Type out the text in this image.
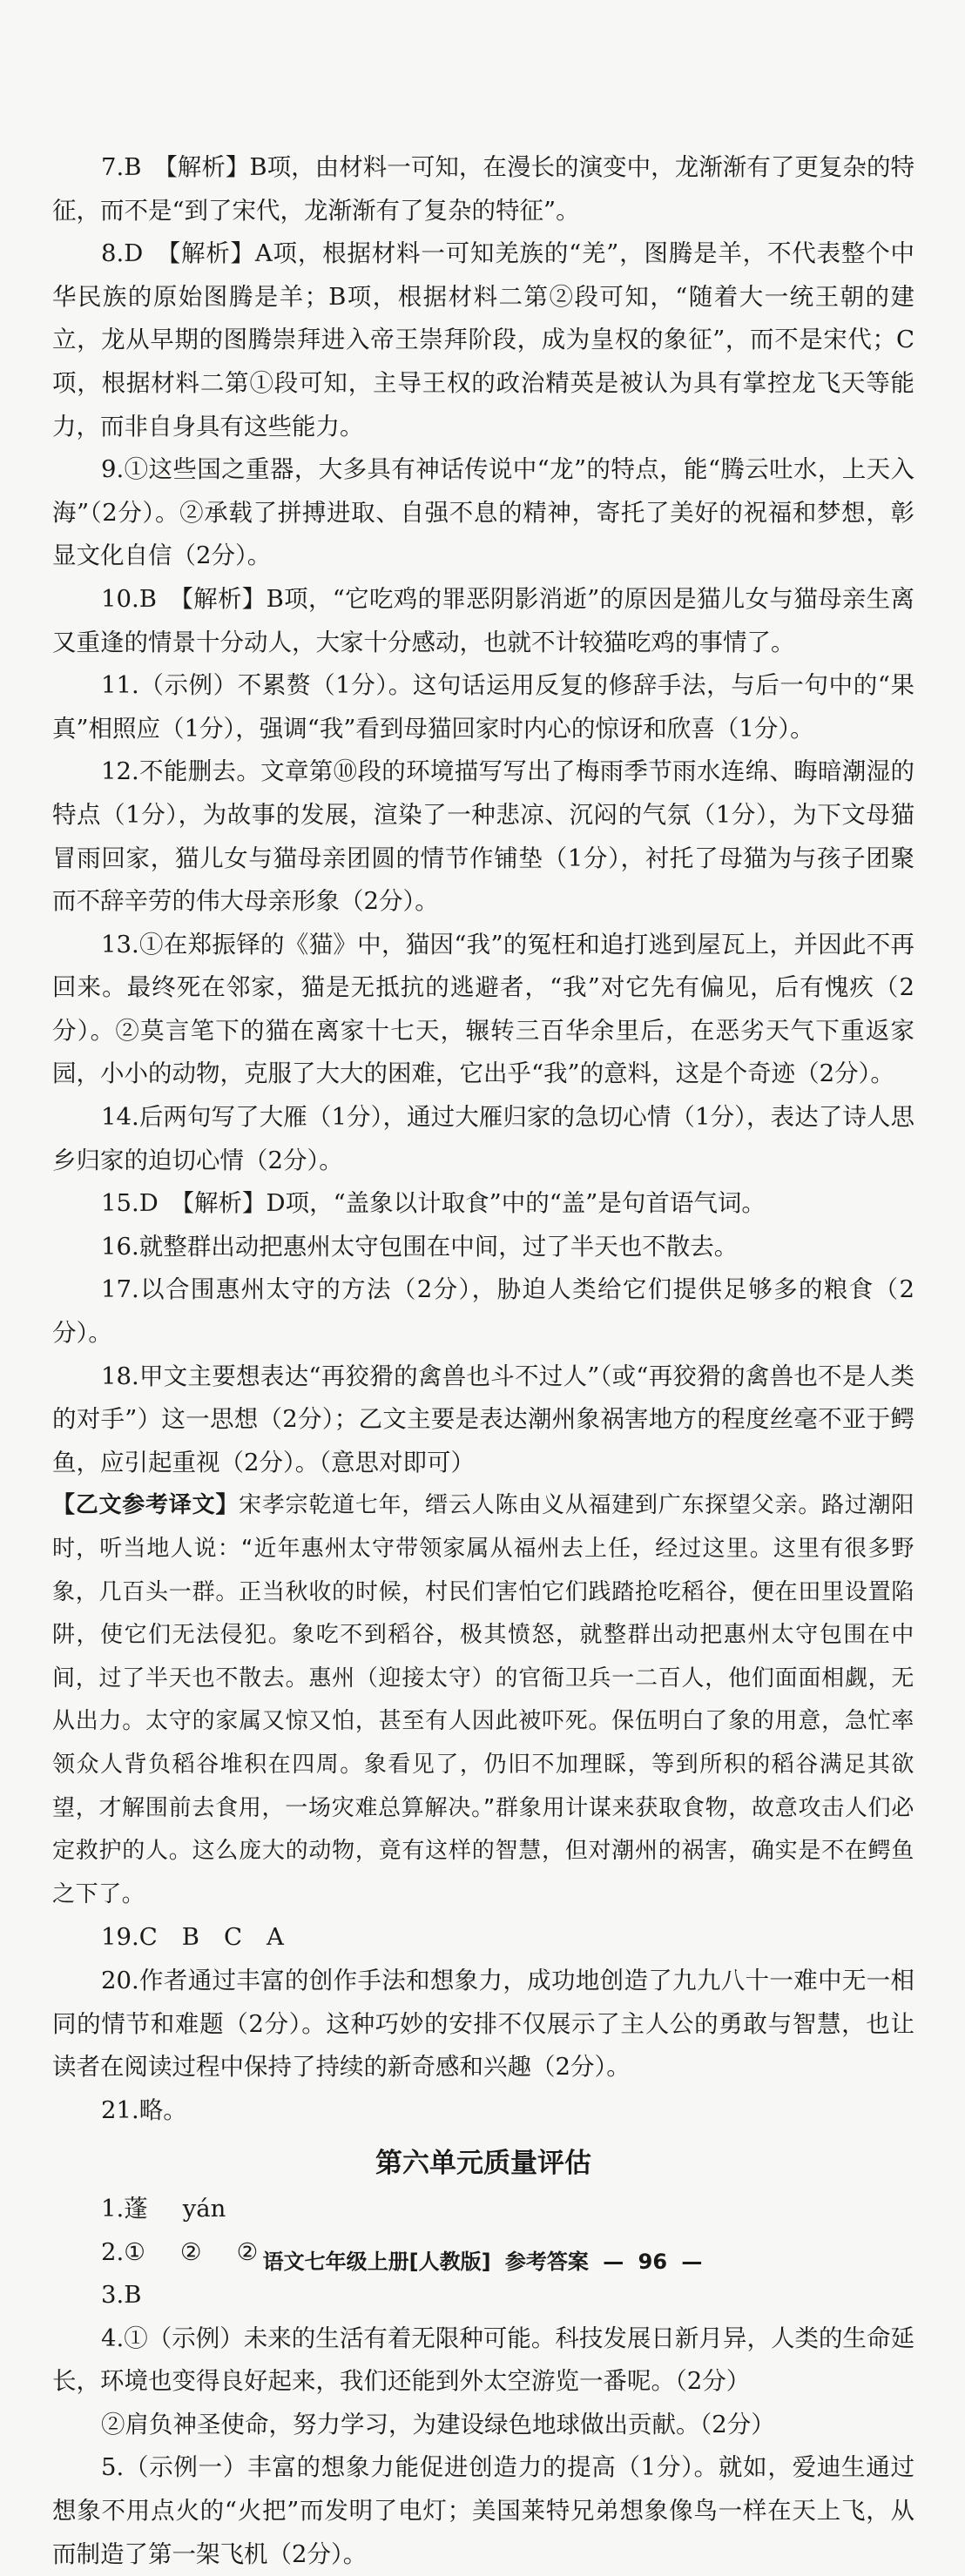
7.B　【解析】B项，由材料一可知，在漫长的演变中，龙渐渐有了更复杂的特征，而不是“到了宋代，龙渐渐有了复杂的特征”。

8.D　【解析】A项，根据材料一可知羌族的“羌”，图腾是羊，不代表整个中华民族的原始图腾是羊；B项，根据材料二第②段可知，“随着大一统王朝的建立，龙从早期的图腾崇拜进入帝王崇拜阶段，成为皇权的象征”，而不是宋代；C项，根据材料二第①段可知，主导王权的政治精英是被认为具有掌控龙飞天等能力，而非自身具有这些能力。

9.①这些国之重器，大多具有神话传说中“龙”的特点，能“腾云吐水，上天入海”（2分）。②承载了拼搏进取、自强不息的精神，寄托了美好的祝福和梦想，彰显文化自信（2分）。

10.B　【解析】B项，“它吃鸡的罪恶阴影消逝”的原因是猫儿女与猫母亲生离又重逢的情景十分动人，大家十分感动，也就不计较猫吃鸡的事情了。

11.（示例）不累赘（1分）。这句话运用反复的修辞手法，与后一句中的“果真”相照应（1分），强调“我”看到母猫回家时内心的惊讶和欣喜（1分）。

12.不能删去。文章第⑩段的环境描写写出了梅雨季节雨水连绵、晦暗潮湿的特点（1分），为故事的发展，渲染了一种悲凉、沉闷的气氛（1分），为下文母猫冒雨回家，猫儿女与猫母亲团圆的情节作铺垫（1分），衬托了母猫为与孩子团聚而不辞辛劳的伟大母亲形象（2分）。

13.①在郑振铎的《猫》中，猫因“我”的冤枉和追打逃到屋瓦上，并因此不再回来。最终死在邻家，猫是无抵抗的逃避者，“我”对它先有偏见，后有愧疚（2分）。②莫言笔下的猫在离家十七天，辗转三百华余里后，在恶劣天气下重返家园，小小的动物，克服了大大的困难，它出乎“我”的意料，这是个奇迹（2分）。

14.后两句写了大雁（1分），通过大雁归家的急切心情（1分），表达了诗人思乡归家的迫切心情（2分）。

15.D　【解析】D项，“盖象以计取食”中的“盖”是句首语气词。

16.就整群出动把惠州太守包围在中间，过了半天也不散去。

17.以合围惠州太守的方法（2分），胁迫人类给它们提供足够多的粮食（2分）。

18.甲文主要想表达“再狡猾的禽兽也斗不过人”（或“再狡猾的禽兽也不是人类的对手”）这一思想（2分）；乙文主要是表达潮州象祸害地方的程度丝毫不亚于鳄鱼，应引起重视（2分）。（意思对即可）

【乙文参考译文】宋孝宗乾道七年，缙云人陈由义从福建到广东探望父亲。路过潮阳时，听当地人说：“近年惠州太守带领家属从福州去上任，经过这里。这里有很多野象，几百头一群。正当秋收的时候，村民们害怕它们践踏抢吃稻谷，便在田里设置陷阱，使它们无法侵犯。象吃不到稻谷，极其愤怒，就整群出动把惠州太守包围在中间，过了半天也不散去。惠州（迎接太守）的官衙卫兵一二百人，他们面面相觑，无从出力。太守的家属又惊又怕，甚至有人因此被吓死。保伍明白了象的用意，急忙率领众人背负稻谷堆积在四周。象看见了，仍旧不加理睬，等到所积的稻谷满足其欲望，才解围前去食用，一场灾难总算解决。”群象用计谋来获取食物，故意攻击人们必定救护的人。这么庞大的动物，竟有这样的智慧，但对潮州的祸害，确实是不在鳄鱼之下了。

19.C B C A

20.作者通过丰富的创作手法和想象力，成功地创造了九九八十一难中无一相同的情节和难题（2分）。这种巧妙的安排不仅展示了主人公的勇敢与智慧，也让读者在阅读过程中保持了持续的新奇感和兴趣（2分）。

21.略。

第六单元质量评估

1.蓬 yán

2.① ② ②

3.B

4.①（示例）未来的生活有着无限种可能。科技发展日新月异，人类的生命延长，环境也变得良好起来，我们还能到外太空游览一番呢。（2分）

②肩负神圣使命，努力学习，为建设绿色地球做出贡献。（2分）

5.（示例一）丰富的想象力能促进创造力的提高（1分）。就如，爱迪生通过想象不用点火的“火把”而发明了电灯；美国莱特兄弟想象像鸟一样在天上飞，从而制造了第一架飞机（2分）。

语文七年级上册[人教版] 参考答案 — 96 —
